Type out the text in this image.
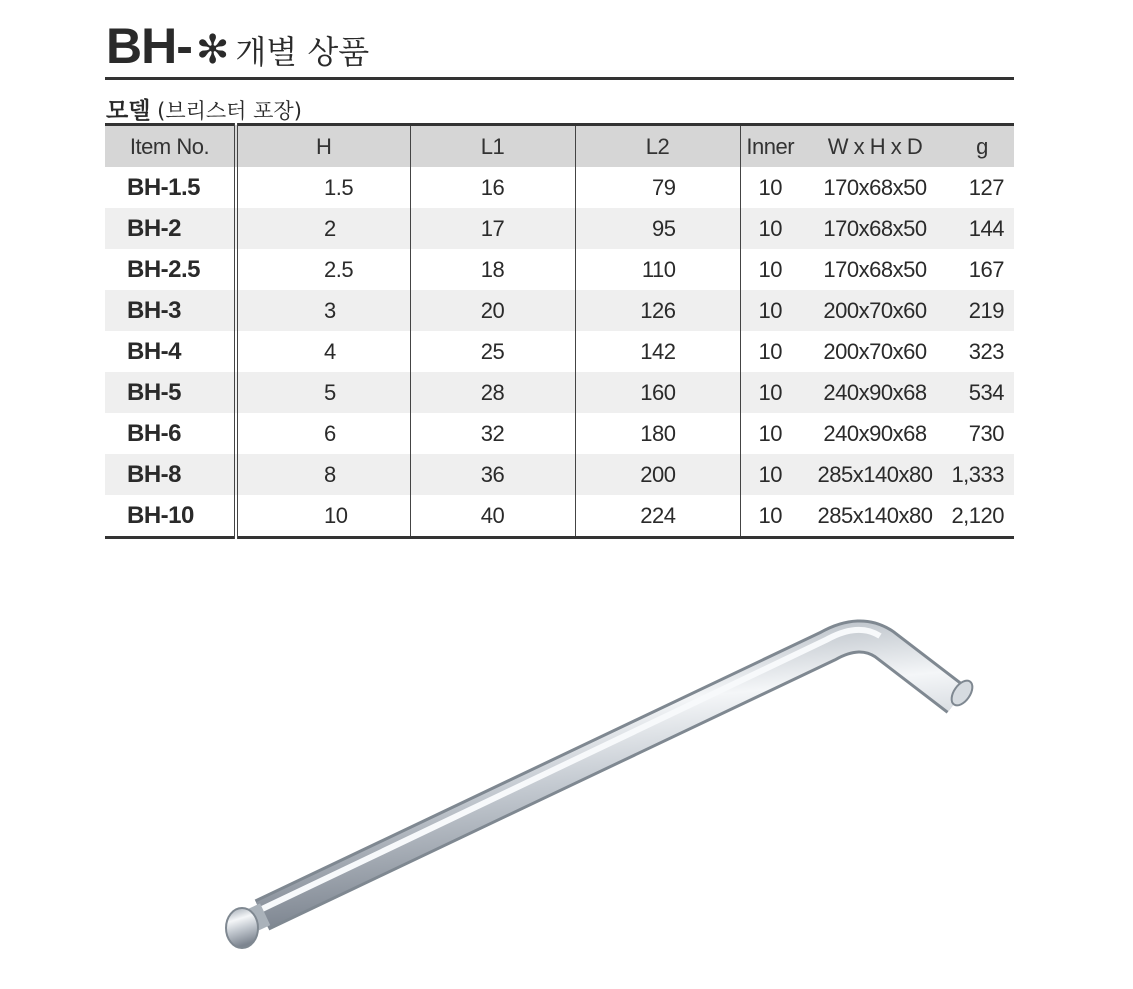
BH- ✻ 개별 상품
모델 (브리스터 포장)
Item No.	H	L1	L2	Inner	W x H x D	g
BH-1.5	1.5	16	79	10	170x68x50	127
BH-2	2	17	95	10	170x68x50	144
BH-2.5	2.5	18	110	10	170x68x50	167
BH-3	3	20	126	10	200x70x60	219
BH-4	4	25	142	10	200x70x60	323
BH-5	5	28	160	10	240x90x68	534
BH-6	6	32	180	10	240x90x68	730
BH-8	8	36	200	10	285x140x80	1,333
BH-10	10	40	224	10	285x140x80	2,120
